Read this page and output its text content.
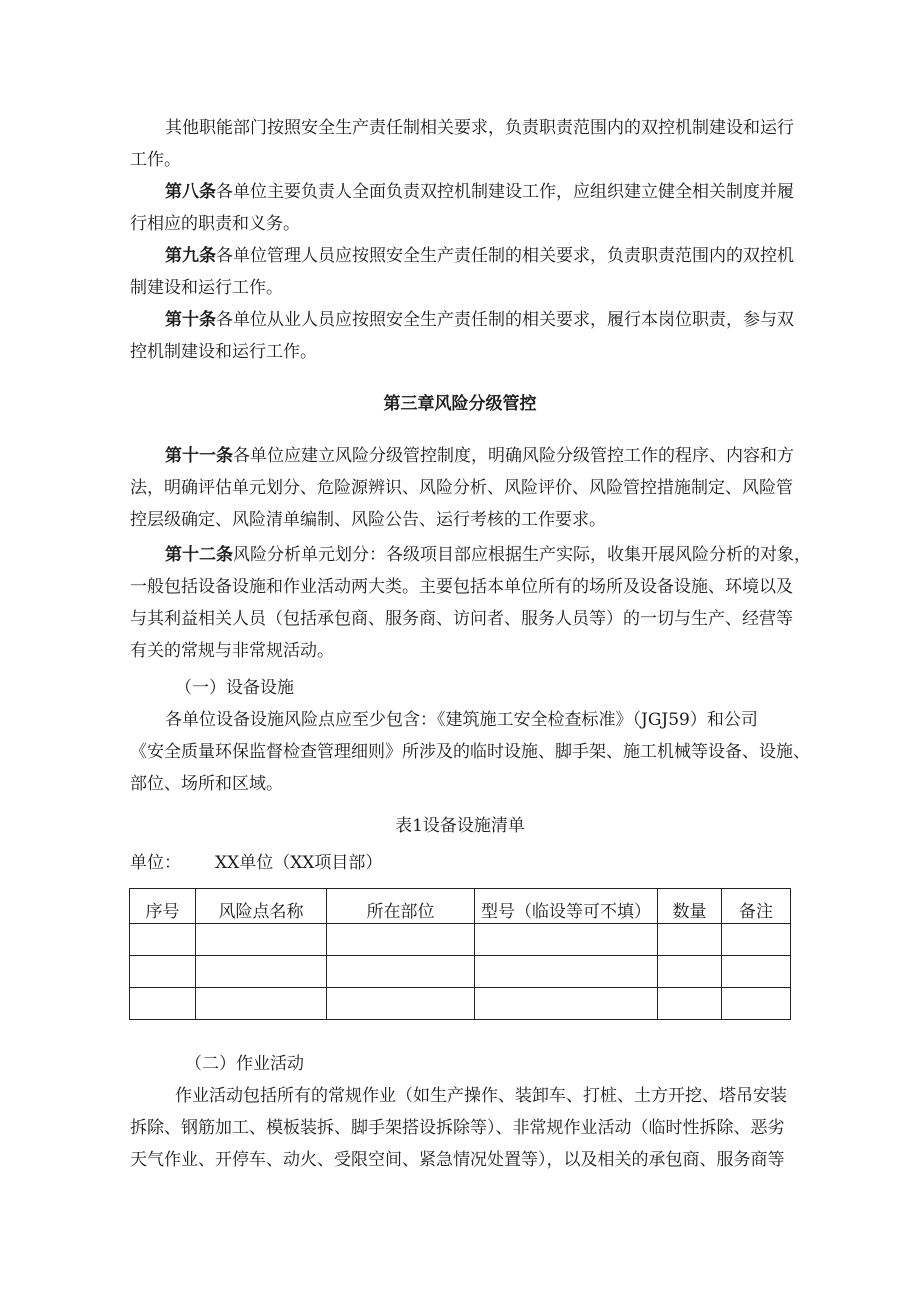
其他职能部门按照安全生产责任制相关要求，负责职责范围内的双控机制建设和运行
工作。
第八条各单位主要负责人全面负责双控机制建设工作，应组织建立健全相关制度并履
行相应的职责和义务。
第九条各单位管理人员应按照安全生产责任制的相关要求，负责职责范围内的双控机
制建设和运行工作。
第十条各单位从业人员应按照安全生产责任制的相关要求，履行本岗位职责，参与双
控机制建设和运行工作。
第三章风险分级管控
第十一条各单位应建立风险分级管控制度，明确风险分级管控工作的程序、内容和方
法，明确评估单元划分、危险源辨识、风险分析、风险评价、风险管控措施制定、风险管
控层级确定、风险清单编制、风险公告、运行考核的工作要求。
第十二条风险分析单元划分：各级项目部应根据生产实际，收集开展风险分析的对象，
一般包括设备设施和作业活动两大类。主要包括本单位所有的场所及设备设施、环境以及
与其利益相关人员（包括承包商、服务商、访问者、服务人员等）的一切与生产、经营等
有关的常规与非常规活动。
（一）设备设施
各单位设备设施风险点应至少包含：《建筑施工安全检查标准》（JGJ59）和公司
《安全质量环保监督检查管理细则》所涉及的临时设施、脚手架、施工机械等设备、设施、
部位、场所和区域。
表1设备设施清单
单位： XX单位（XX项目部）
序号	风险点名称	所在部位	型号（临设等可不填）	数量	备注

（二）作业活动
作业活动包括所有的常规作业（如生产操作、装卸车、打桩、土方开挖、塔吊安装
拆除、钢筋加工、模板装拆、脚手架搭设拆除等）、非常规作业活动（临时性拆除、恶劣
天气作业、开停车、动火、受限空间、紧急情况处置等），以及相关的承包商、服务商等
